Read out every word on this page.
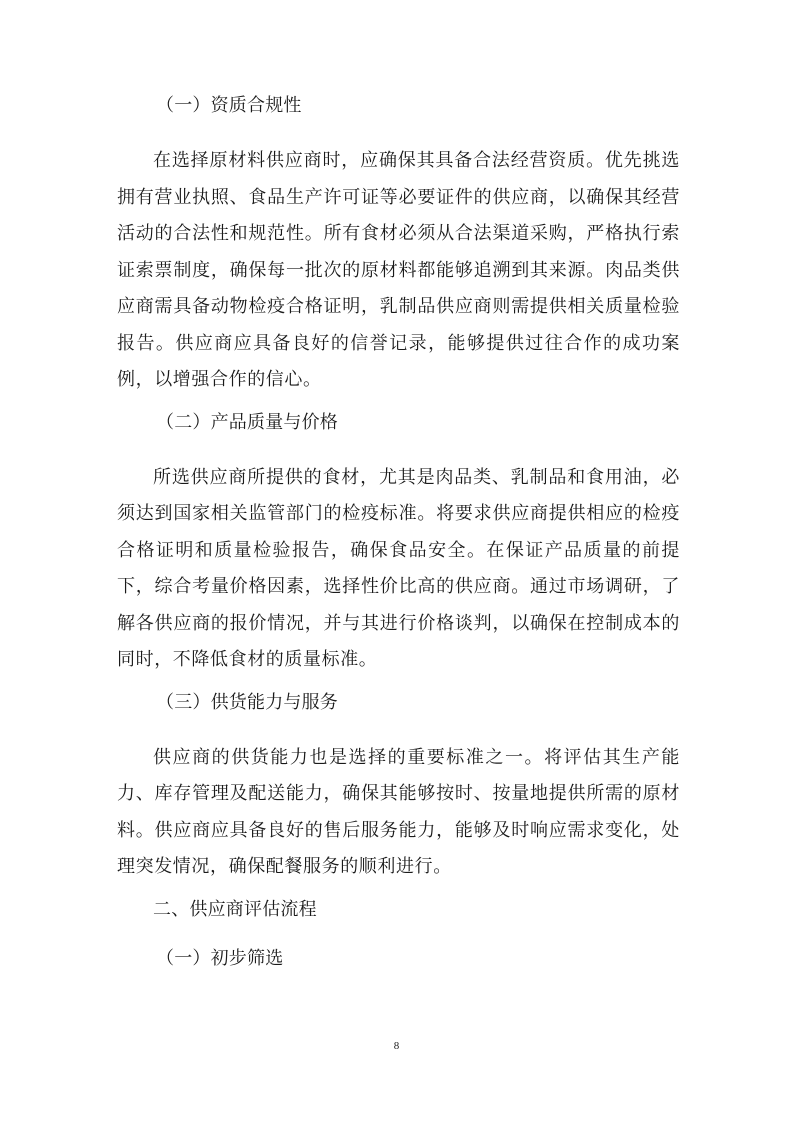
（一）资质合规性

在选择原材料供应商时，应确保其具备合法经营资质。优先挑选拥有营业执照、食品生产许可证等必要证件的供应商，以确保其经营活动的合法性和规范性。所有食材必须从合法渠道采购，严格执行索证索票制度，确保每一批次的原材料都能够追溯到其来源。肉品类供应商需具备动物检疫合格证明，乳制品供应商则需提供相关质量检验报告。供应商应具备良好的信誉记录，能够提供过往合作的成功案例，以增强合作的信心。

（二）产品质量与价格

所选供应商所提供的食材，尤其是肉品类、乳制品和食用油，必须达到国家相关监管部门的检疫标准。将要求供应商提供相应的检疫合格证明和质量检验报告，确保食品安全。在保证产品质量的前提下，综合考量价格因素，选择性价比高的供应商。通过市场调研，了解各供应商的报价情况，并与其进行价格谈判，以确保在控制成本的同时，不降低食材的质量标准。

（三）供货能力与服务

供应商的供货能力也是选择的重要标准之一。将评估其生产能力、库存管理及配送能力，确保其能够按时、按量地提供所需的原材料。供应商应具备良好的售后服务能力，能够及时响应需求变化，处理突发情况，确保配餐服务的顺利进行。

二、供应商评估流程

（一）初步筛选

8
